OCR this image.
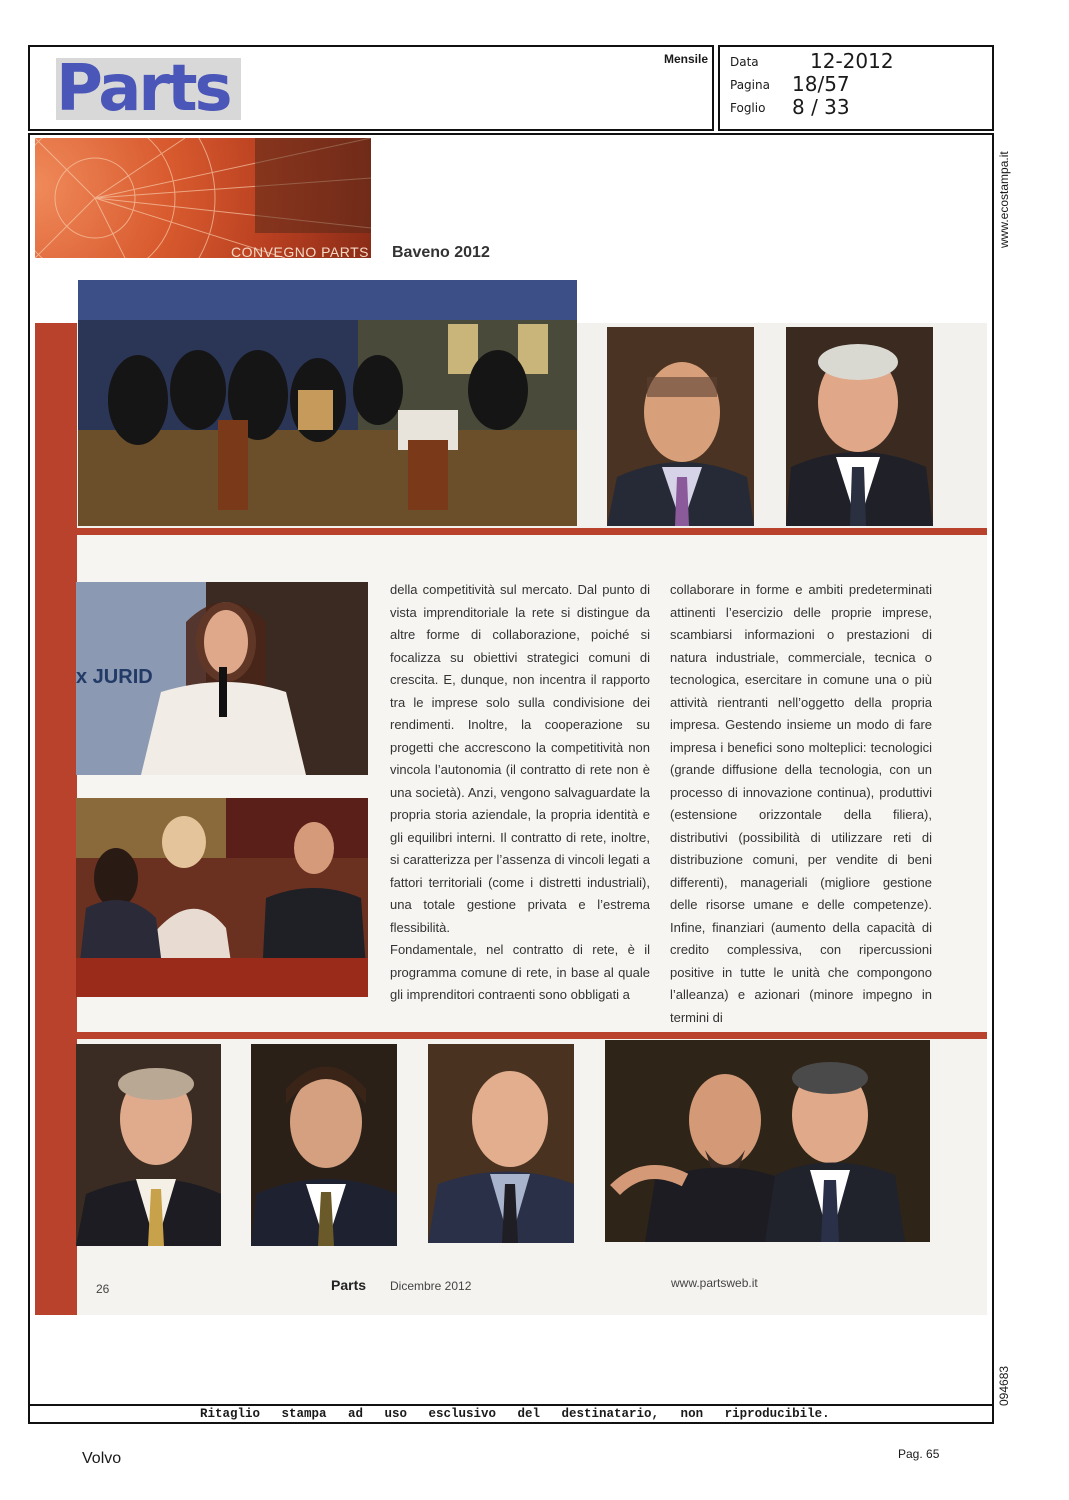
Parts	Mensile Data	12-2012
Pagina 18/57
Foglio 8 / 33
www.ecostampa.it
094683
CONVEGNO PARTS Baveno 2012
x JURID

della competitività sul mercato. Dal punto di vista imprenditoriale la rete si distingue da altre forme di collaborazione, poiché si focalizza su obiettivi strategici comuni di crescita. E, dunque, non incentra il rapporto tra le imprese solo sulla condivisione dei rendimenti. Inoltre, la cooperazione su progetti che accrescono la competitività non vincola l’autonomia (il contratto di rete non è una società). Anzi, vengono salvaguardate la propria storia aziendale, la propria identità e gli equilibri interni. Il contratto di rete, inoltre, si caratterizza per l’assenza di vincoli legati a fattori territoriali (come i distretti industriali), una totale gestione privata e l’estrema flessibilità.

Fondamentale, nel contratto di rete, è il programma comune di rete, in base al quale gli imprenditori contraenti sono obbligati a

collaborare in forme e ambiti predeterminati attinenti l’esercizio delle proprie imprese, scambiarsi informazioni o prestazioni di natura industriale, commerciale, tecnica o tecnologica, esercitare in comune una o più attività rientranti nell’oggetto della propria impresa. Gestendo insieme un modo di fare impresa i benefici sono molteplici: tecnologici (grande diffusione della tecnologia, con un processo di innovazione continua), produttivi (estensione orizzontale della filiera), distributivi (possibilità di utilizzare reti di distribuzione comuni, per vendite di beni differenti), manageriali (migliore gestione delle risorse umane e delle competenze). Infine, finanziari (aumento della capacità di credito complessiva, con ripercussioni positive in tutte le unità che compongono l’alleanza) e azionari (minore impegno in termini di

26	Parts Dicembre 2012	www.partsweb.it
Ritaglio stampa ad uso esclusivo del destinatario, non riproducibile.
Volvo	Pag. 65
